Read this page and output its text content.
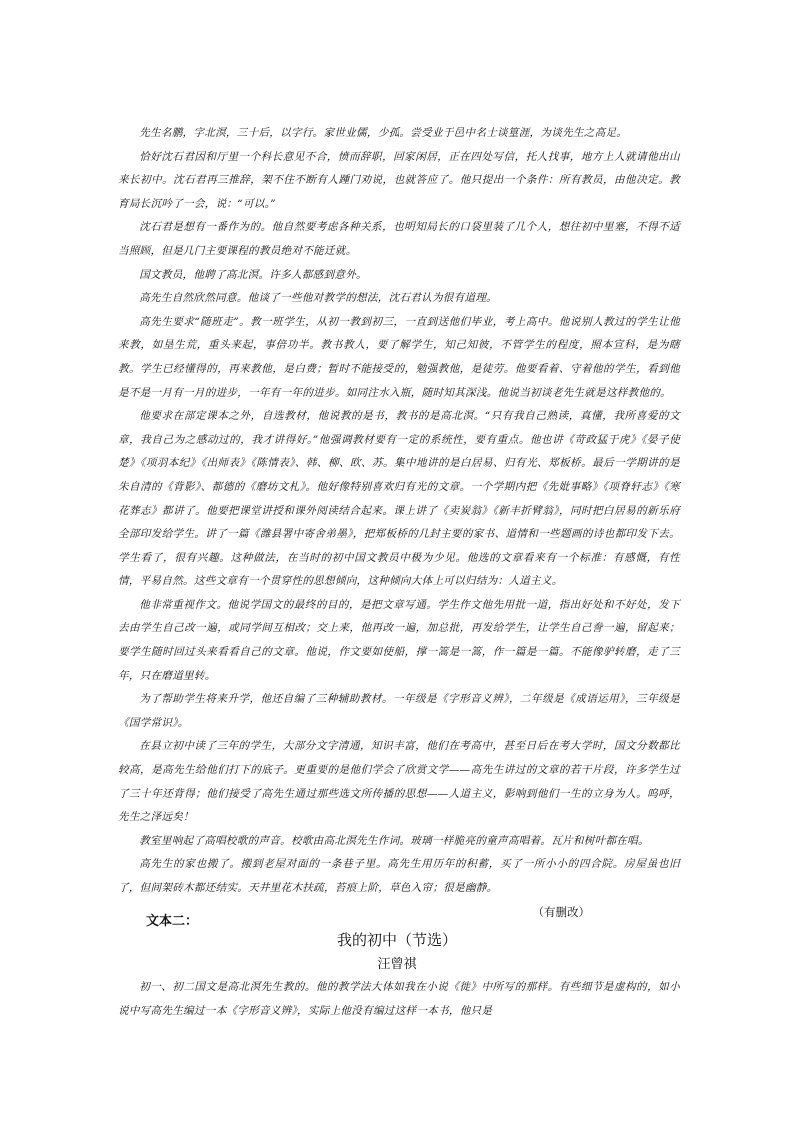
先生名鹏，字北溟，三十后，以字行。家世业儒，少孤。尝受业于邑中名士谈篁涯，为谈先生之高足。

恰好沈石君因和厅里一个科长意见不合，愤而辞职，回家闲居，正在四处写信，托人找事，地方上人就请他出山来长初中。沈石君再三推辞，架不住不断有人踵门劝说，也就答应了。他只提出一个条件：所有教员，由他决定。教育局长沉吟了一会，说：“可以。”

沈石君是想有一番作为的。他自然要考虑各种关系，也明知局长的口袋里装了几个人，想往初中里塞，不得不适当照顾，但是几门主要课程的教员绝对不能迁就。

国文教员，他聘了高北溟。许多人都感到意外。

高先生自然欣然同意。他谈了一些他对教学的想法，沈石君认为很有道理。

高先生要求“随班走”。教一班学生，从初一教到初三，一直到送他们毕业，考上高中。他说别人教过的学生让他来教，如垦生荒，重头来起，事倍功半。教书教人，要了解学生，知己知彼，不管学生的程度，照本宣科，是为瞎教。学生已经懂得的，再来教他，是白费；暂时不能接受的，勉强教他，是徒劳。他要看着、守着他的学生，看到他是不是一月有一月的进步，一年有一年的进步。如同注水入瓶，随时知其深浅。他说当初谈老先生就是这样教他的。

他要求在部定课本之外，自选教材，他说教的是书，教书的是高北溟。“只有我自己熟读，真懂，我所喜爱的文章，我自己为之感动过的，我才讲得好。”他强调教材要有一定的系统性，要有重点。他也讲《苛政猛于虎》《晏子使楚》《项羽本纪》《出师表》《陈情表》、韩、柳、欧、苏。集中地讲的是白居易、归有光、郑板桥。最后一学期讲的是朱自清的《背影》、都德的《磨坊文札》。他好像特别喜欢归有光的文章。一个学期内把《先妣事略》《项脊轩志》《寒花葬志》都讲了。他要把课堂讲授和课外阅读结合起来。课上讲了《卖炭翁》《新丰折臂翁》，同时把白居易的新乐府全部印发给学生。讲了一篇《潍县署中寄舍弟墨》，把郑板桥的几封主要的家书、道情和一些题画的诗也都印发下去。学生看了，很有兴趣。这种做法，在当时的初中国文教员中极为少见。他选的文章看来有一个标准：有感慨，有性情，平易自然。这些文章有一个贯穿性的思想倾向，这种倾向大体上可以归结为：人道主义。

他非常重视作文。他说学国文的最终的目的，是把文章写通。学生作文他先用批一道，指出好处和不好处，发下去由学生自己改一遍，或同学间互相改；交上来，他再改一遍，加总批，再发给学生，让学生自己誊一遍，留起来；要学生随时回过头来看看自己的文章。他说，作文要如使船，撑一篙是一篙，作一篇是一篇。不能像驴转磨，走了三年，只在磨道里转。

为了帮助学生将来升学，他还自编了三种辅助教材。一年级是《字形音义辨》，二年级是《成语运用》，三年级是《国学常识》。

在县立初中读了三年的学生，大部分文字清通，知识丰富，他们在考高中，甚至日后在考大学时，国文分数都比较高，是高先生给他们打下的底子。更重要的是他们学会了欣赏文学——高先生讲过的文章的若干片段，许多学生过了三十年还背得；他们接受了高先生通过那些选文所传播的思想——人道主义，影响到他们一生的立身为人。呜呼，先生之泽远矣！

教室里响起了高唱校歌的声音。校歌由高北溟先生作词。玻璃一样脆亮的童声高唱着。瓦片和树叶都在唱。

高先生的家也搬了。搬到老屋对面的一条巷子里。高先生用历年的积蓄，买了一所小小的四合院。房屋虽也旧了，但间架砖木都还结实。天井里花木扶疏，苔痕上阶，草色入帘；很是幽静。

（有删改）

文本二：
我的初中（节选）
汪曾祺

初一、初二国文是高北溟先生教的。他的教学法大体如我在小说《徙》中所写的那样。有些细节是虚构的，如小说中写高先生编过一本《字形音义辨》，实际上他没有编过这样一本书，他只是
